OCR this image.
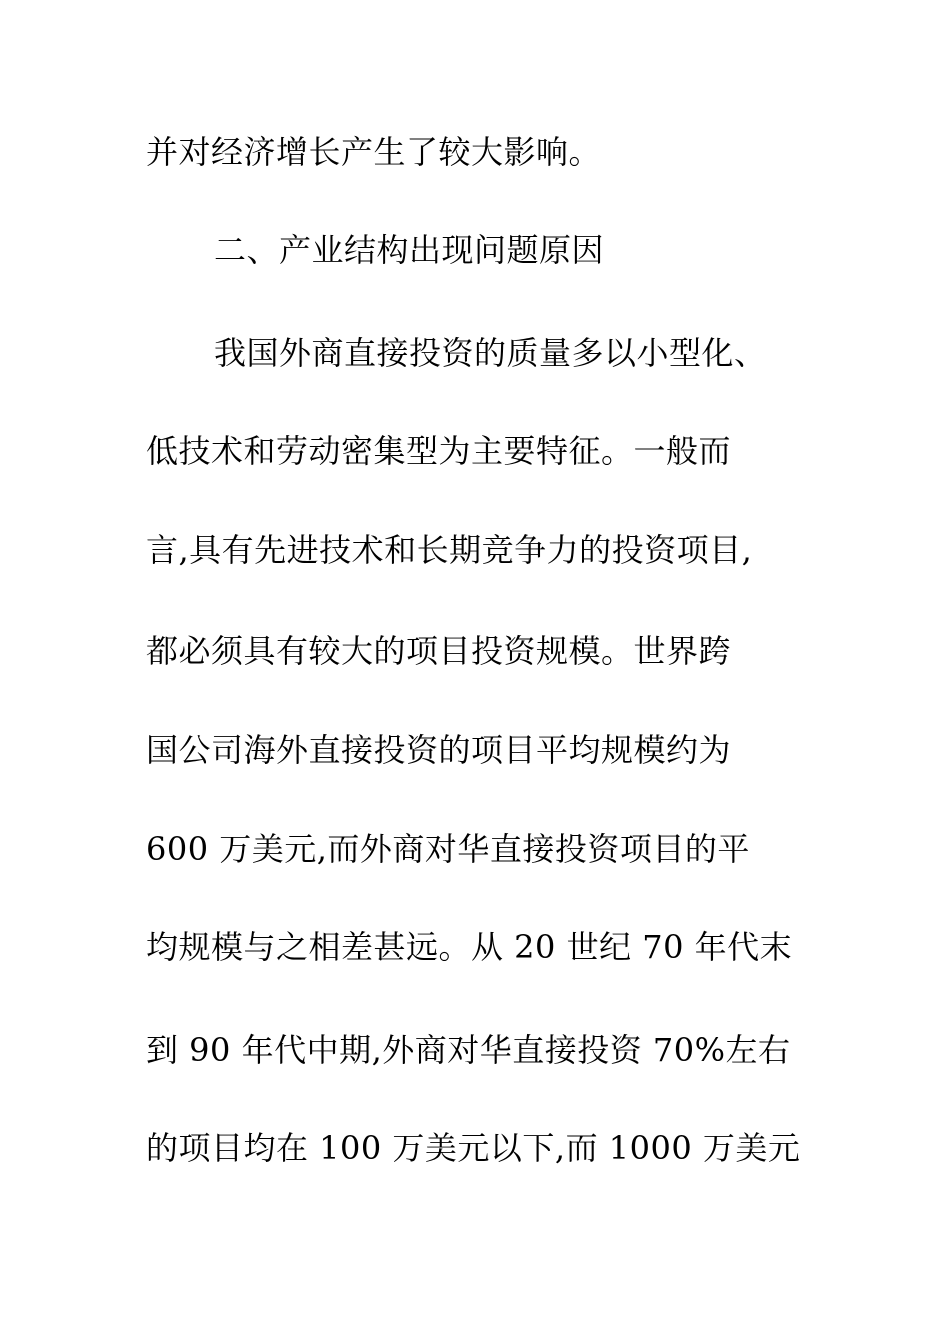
并对经济增长产生了较大影响。
二、产业结构出现问题原因
我国外商直接投资的质量多以小型化、
低技术和劳动密集型为主要特征。一般而
言,具有先进技术和长期竞争力的投资项目,
都必须具有较大的项目投资规模。世界跨
国公司海外直接投资的项目平均规模约为
600 万美元,而外商对华直接投资项目的平
均规模与之相差甚远。从 20 世纪 70 年代末
到 90 年代中期,外商对华直接投资 70%左右
的项目均在 100 万美元以下,而 1000 万美元
